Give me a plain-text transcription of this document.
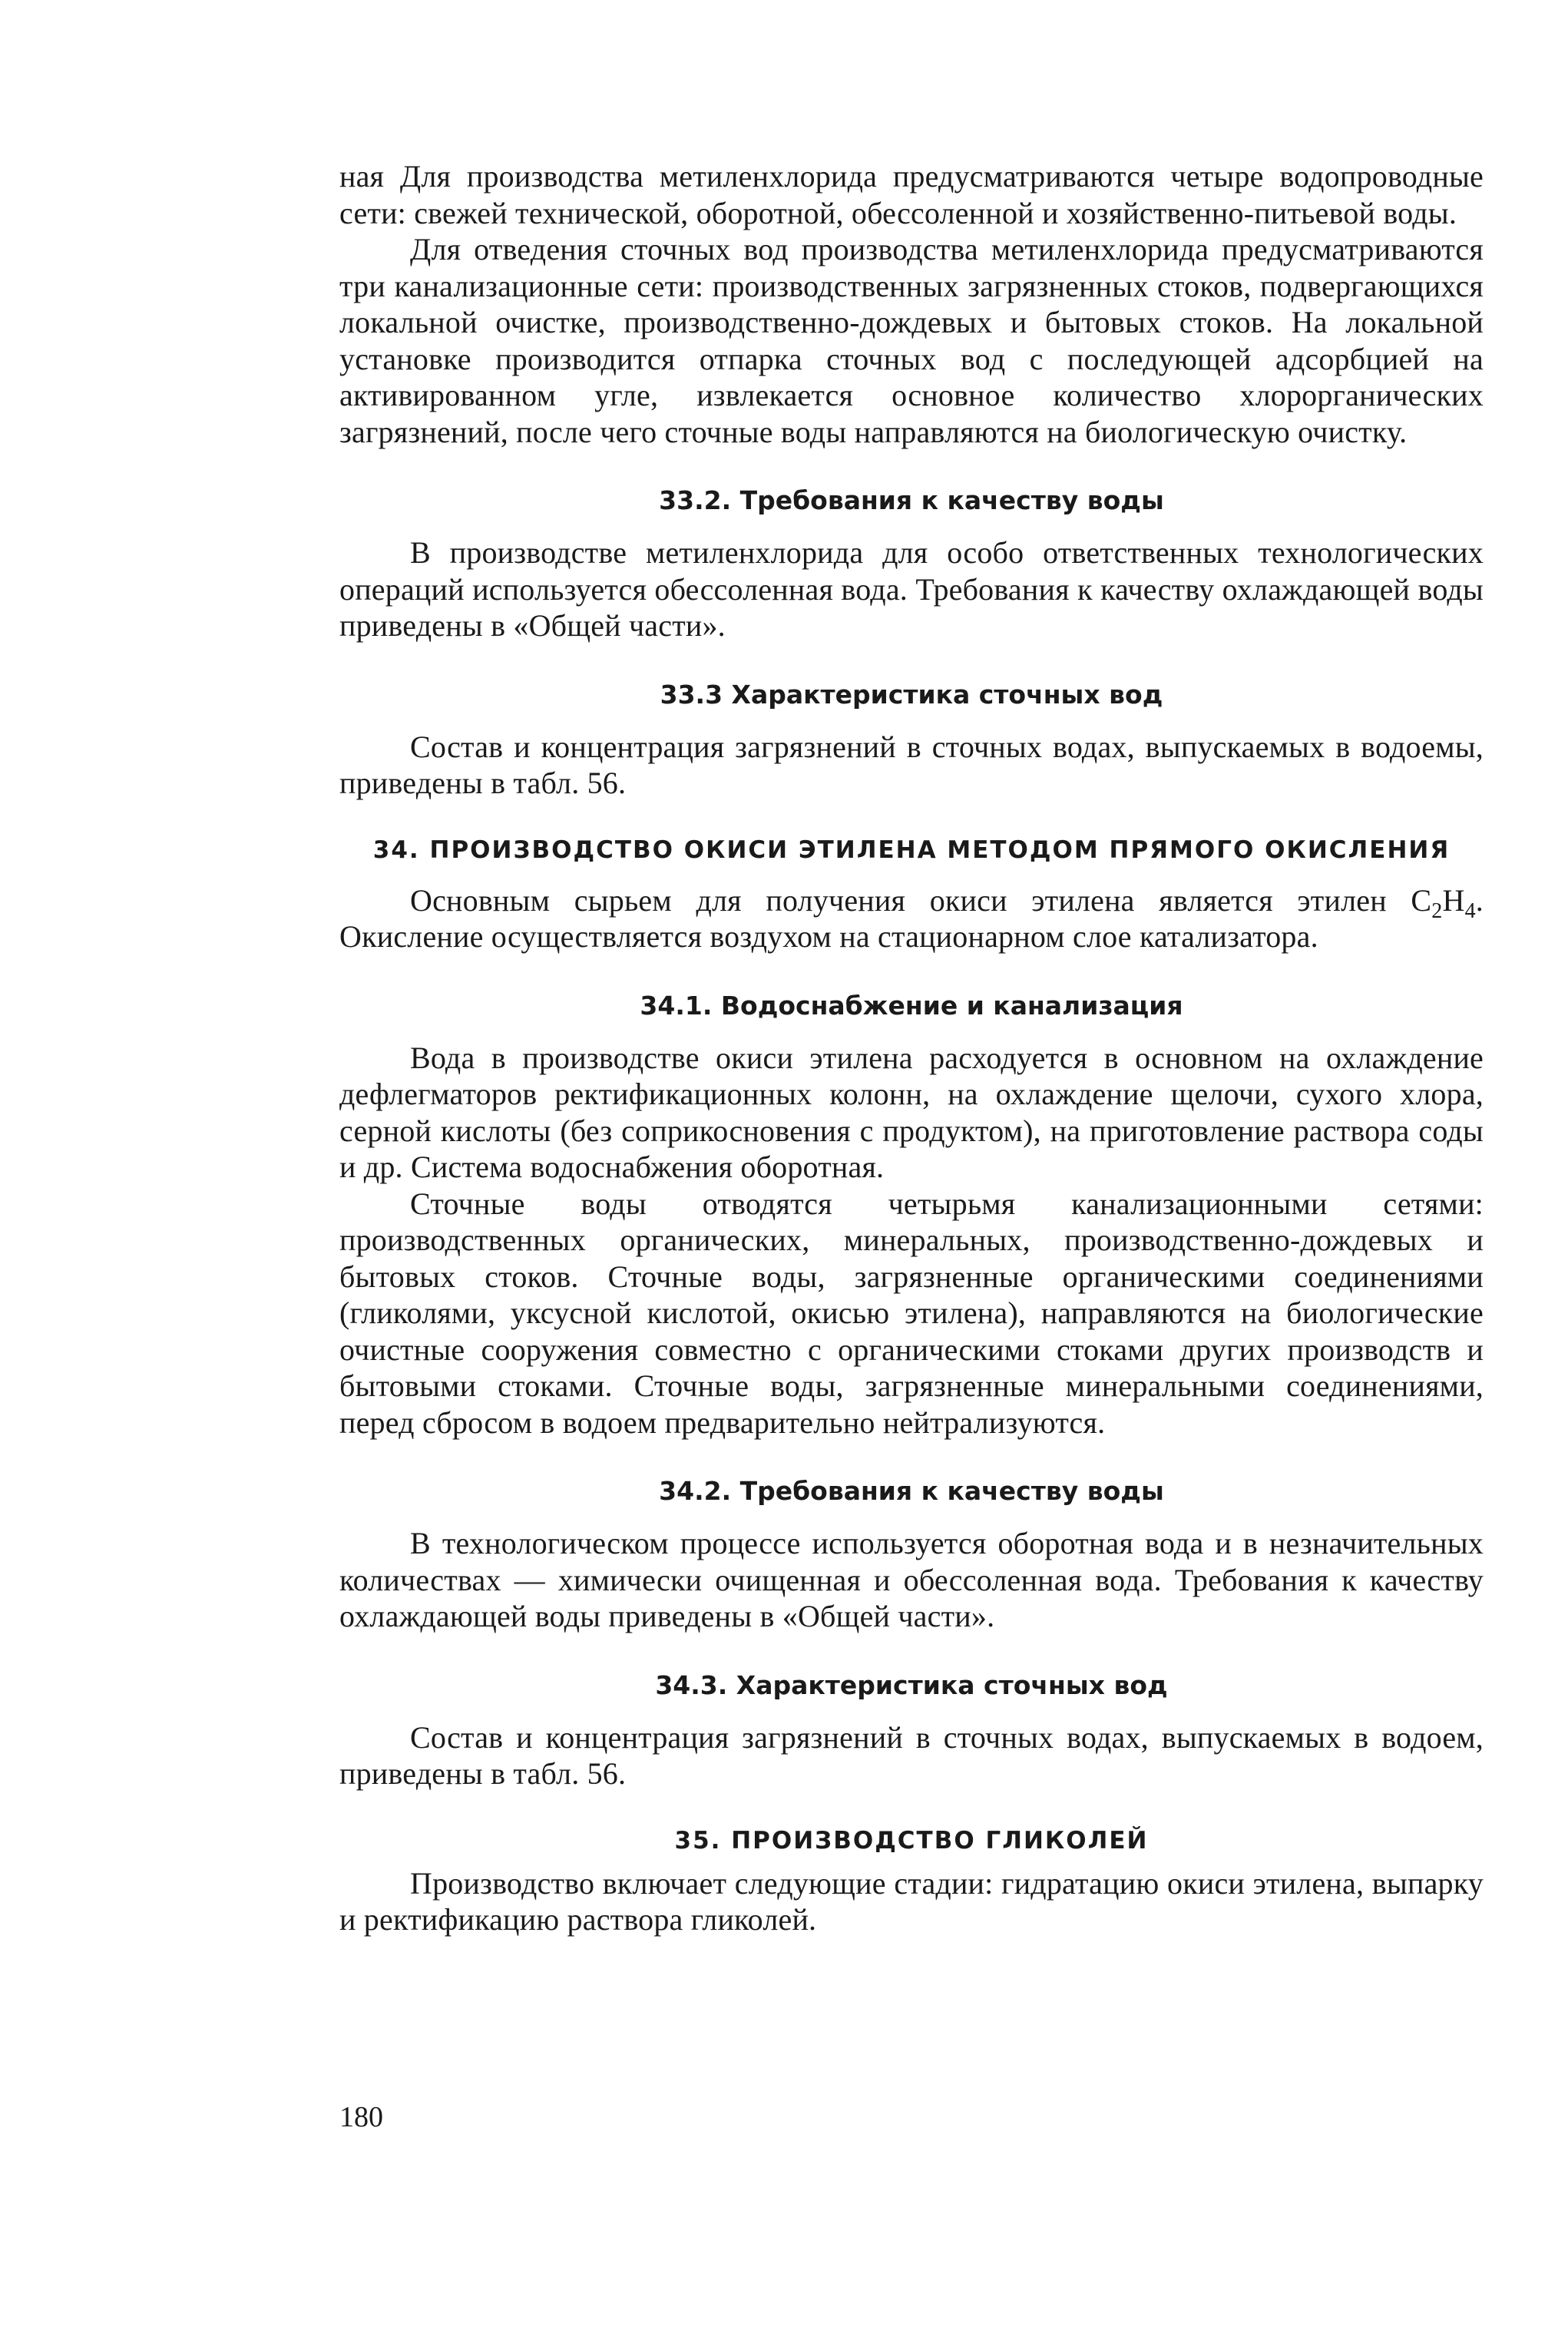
ная Для производства метиленхлорида предусматриваются четыре водопроводные сети: свежей технической, оборотной, обессоленной и хозяйственно-питьевой воды.

Для отведения сточных вод производства метиленхлорида предусматриваются три канализационные сети: производственных загрязненных стоков, подвергающихся локальной очистке, производственно-дождевых и бытовых стоков. На локальной установке производится отпарка сточных вод с последующей адсорбцией на активированном угле, извлекается основное количество хлорорганических загрязнений, после чего сточные воды направляются на биологическую очистку.

33.2. Требования к качеству воды

В производстве метиленхлорида для особо ответственных технологических операций используется обессоленная вода. Требования к качеству охлаждающей воды приведены в «Общей части».

33.3 Характеристика сточных вод

Состав и концентрация загрязнений в сточных водах, выпускаемых в водоемы, приведены в табл. 56.

34. ПРОИЗВОДСТВО ОКИСИ ЭТИЛЕНА МЕТОДОМ ПРЯМОГО ОКИСЛЕНИЯ

Основным сырьем для получения окиси этилена является этилен $C_2H_4$. Окисление осуществляется воздухом на стационарном слое катализатора.

34.1. Водоснабжение и канализация

Вода в производстве окиси этилена расходуется в основном на охлаждение дефлегматоров ректификационных колонн, на охлаждение щелочи, сухого хлора, серной кислоты (без соприкосновения с продуктом), на приготовление раствора соды и др. Система водоснабжения оборотная.

Сточные воды отводятся четырьмя канализационными сетями: производственных органических, минеральных, производственно-дождевых и бытовых стоков. Сточные воды, загрязненные органическими соединениями (гликолями, уксусной кислотой, окисью этилена), направляются на биологические очистные сооружения совместно с органическими стоками других производств и бытовыми стоками. Сточные воды, загрязненные минеральными соединениями, перед сбросом в водоем предварительно нейтрализуются.

34.2. Требования к качеству воды

В технологическом процессе используется оборотная вода и в незначительных количествах — химически очищенная и обессоленная вода. Требования к качеству охлаждающей воды приведены в «Общей части».

34.3. Характеристика сточных вод

Состав и концентрация загрязнений в сточных водах, выпускаемых в водоем, приведены в табл. 56.

35. ПРОИЗВОДСТВО ГЛИКОЛЕЙ

Производство включает следующие стадии: гидратацию окиси этилена, выпарку и ректификацию раствора гликолей.

180
